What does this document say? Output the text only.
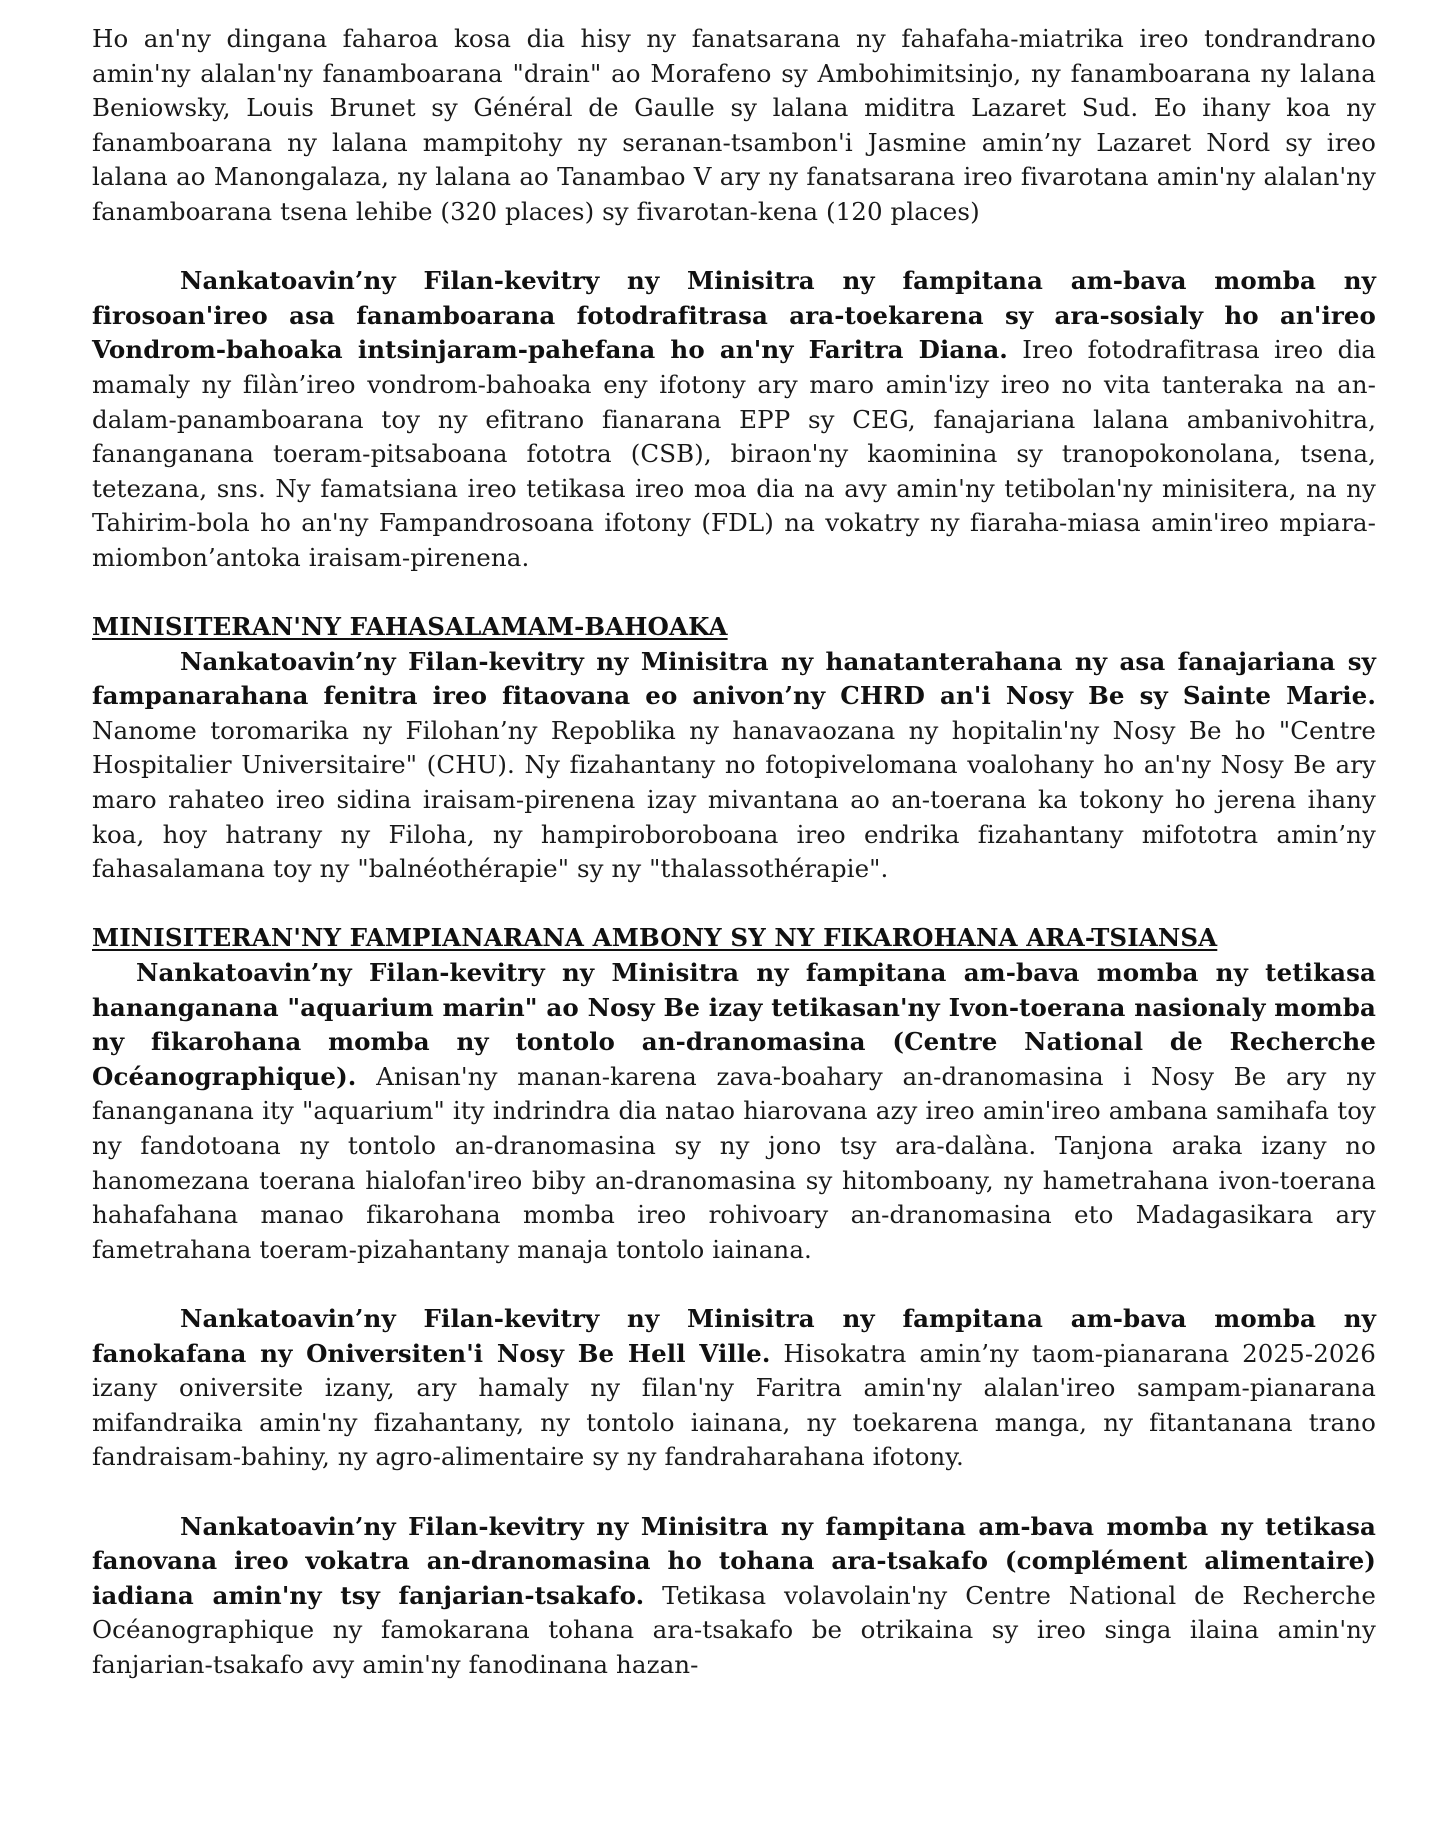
Ho an'ny dingana faharoa kosa dia hisy ny fanatsarana ny fahafaha-miatrika ireo tondrandrano amin'ny alalan'ny fanamboarana "drain" ao Morafeno sy Ambohimitsinjo, ny fanamboarana ny lalana Beniowsky, Louis Brunet sy Général de Gaulle sy lalana miditra Lazaret Sud. Eo ihany koa ny fanamboarana ny lalana mampitohy ny seranan-tsambon'i Jasmine amin’ny Lazaret Nord sy ireo lalana ao Manongalaza, ny lalana ao Tanambao V ary ny fanatsarana ireo fivarotana amin'ny alalan'ny fanamboarana tsena lehibe (320 places) sy fivarotan-kena (120 places)

Nankatoavin’ny Filan-kevitry ny Minisitra ny fampitana am-bava momba ny firosoan'ireo asa fanamboarana fotodrafitrasa ara-toekarena sy ara-sosialy ho an'ireo Vondrom-bahoaka intsinjaram-pahefana ho an'ny Faritra Diana. Ireo fotodrafitrasa ireo dia mamaly ny filàn’ireo vondrom-bahoaka eny ifotony ary maro amin'izy ireo no vita tanteraka na an-dalam-panamboarana toy ny efitrano fianarana EPP sy CEG, fanajariana lalana ambanivohitra, fananganana toeram-pitsaboana fototra (CSB), biraon'ny kaominina sy tranopokonolana, tsena, tetezana, sns. Ny famatsiana ireo tetikasa ireo moa dia na avy amin'ny tetibolan'ny minisitera, na ny Tahirim-bola ho an'ny Fampandrosoana ifotony (FDL) na vokatry ny fiaraha-miasa amin'ireo mpiara-miombon’antoka iraisam-pirenena.

MINISITERAN'NY FAHASALAMAM-BAHOAKA

Nankatoavin’ny Filan-kevitry ny Minisitra ny hanatanterahana ny asa fanajariana sy fampanarahana fenitra ireo fitaovana eo anivon’ny CHRD an'i Nosy Be sy Sainte Marie. Nanome toromarika ny Filohan’ny Repoblika ny hanavaozana ny hopitalin'ny Nosy Be ho "Centre Hospitalier Universitaire" (CHU). Ny fizahantany no fotopivelomana voalohany ho an'ny Nosy Be ary maro rahateo ireo sidina iraisam-pirenena izay mivantana ao an-toerana ka tokony ho jerena ihany koa, hoy hatrany ny Filoha, ny hampiroboroboana ireo endrika fizahantany mifototra amin’ny fahasalamana toy ny "balnéothérapie" sy ny "thalassothérapie".

MINISITERAN'NY FAMPIANARANA AMBONY SY NY FIKAROHANA ARA-TSIANSA

Nankatoavin’ny Filan-kevitry ny Minisitra ny fampitana am-bava momba ny tetikasa hananganana "aquarium marin" ao Nosy Be izay tetikasan'ny Ivon-toerana nasionaly momba ny fikarohana momba ny tontolo an-dranomasina (Centre National de Recherche Océanographique). Anisan'ny manan-karena zava-boahary an-dranomasina i Nosy Be ary ny fananganana ity "aquarium" ity indrindra dia natao hiarovana azy ireo amin'ireo ambana samihafa toy ny fandotoana ny tontolo an-dranomasina sy ny jono tsy ara-dalàna. Tanjona araka izany no hanomezana toerana hialofan'ireo biby an-dranomasina sy hitomboany, ny hametrahana ivon-toerana hahafahana manao fikarohana momba ireo rohivoary an-dranomasina eto Madagasikara ary fametrahana toeram-pizahantany manaja tontolo iainana.

Nankatoavin’ny Filan-kevitry ny Minisitra ny fampitana am-bava momba ny fanokafana ny Oniversiten'i Nosy Be Hell Ville. Hisokatra amin’ny taom-pianarana 2025-2026 izany oniversite izany, ary hamaly ny filan'ny Faritra amin'ny alalan'ireo sampam-pianarana mifandraika amin'ny fizahantany, ny tontolo iainana, ny toekarena manga, ny fitantanana trano fandraisam-bahiny, ny agro-alimentaire sy ny fandraharahana ifotony.

Nankatoavin’ny Filan-kevitry ny Minisitra ny fampitana am-bava momba ny tetikasa fanovana ireo vokatra an-dranomasina ho tohana ara-tsakafo (complément alimentaire) iadiana amin'ny tsy fanjarian-tsakafo. Tetikasa volavolain'ny Centre National de Recherche Océanographique ny famokarana tohana ara-tsakafo be otrikaina sy ireo singa ilaina amin'ny fanjarian-tsakafo avy amin'ny fanodinana hazan-
